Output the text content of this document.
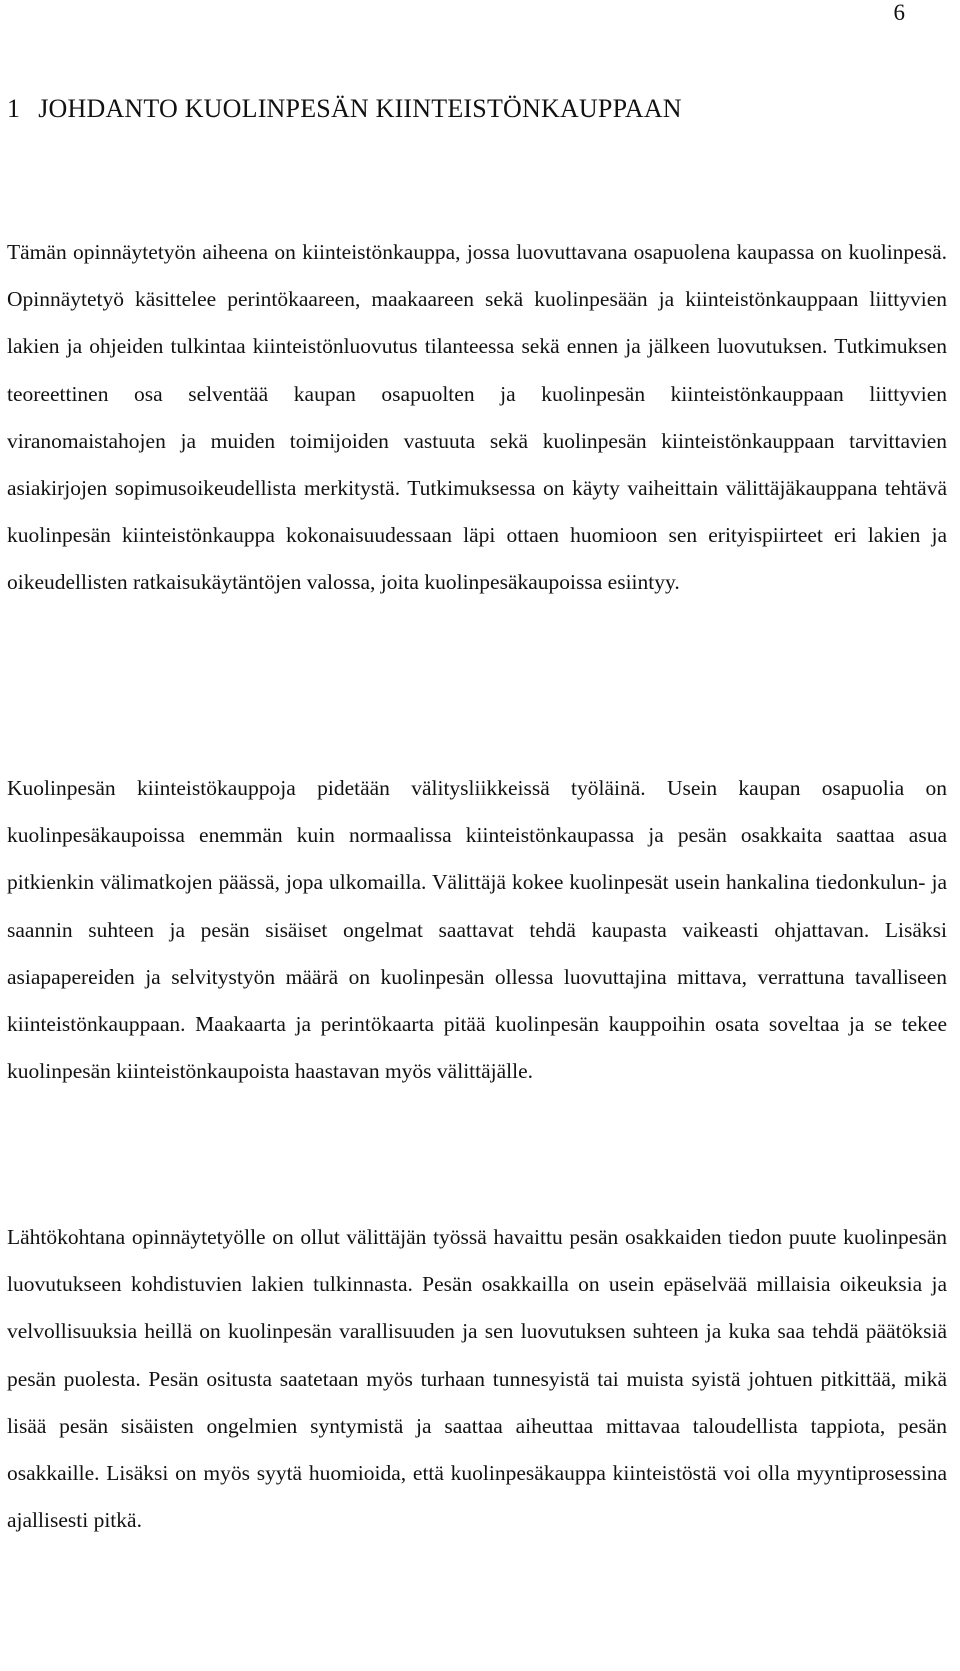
6
1 JOHDANTO KUOLINPESÄN KIINTEISTÖNKAUPPAAN

Tämän opinnäytetyön aiheena on kiinteistönkauppa, jossa luovuttavana osapuolena kaupassa on kuolinpesä. Opinnäytetyö käsittelee perintökaareen, maakaareen sekä kuolinpesään ja kiinteistönkauppaan liittyvien lakien ja ohjeiden tulkintaa kiinteistönluovutus tilanteessa sekä ennen ja jälkeen luovutuksen. Tutkimuksen teoreettinen osa selventää kaupan osapuolten ja kuolinpesän kiinteistönkauppaan liittyvien viranomaistahojen ja muiden toimijoiden vastuuta sekä kuolinpesän kiinteistönkauppaan tarvittavien asiakirjojen sopimusoikeudellista merkitystä. Tutkimuksessa on käyty vaiheittain välittäjäkauppana tehtävä kuolinpesän kiinteistönkauppa kokonaisuudessaan läpi ottaen huomioon sen erityispiirteet eri lakien ja oikeudellisten ratkaisukäytäntöjen valossa, joita kuolinpesäkaupoissa esiintyy.

Kuolinpesän kiinteistökauppoja pidetään välitysliikkeissä työläinä. Usein kaupan osapuolia on kuolinpesäkaupoissa enemmän kuin normaalissa kiinteistönkaupassa ja pesän osakkaita saattaa asua pitkienkin välimatkojen päässä, jopa ulkomailla. Välittäjä kokee kuolinpesät usein hankalina tiedonkulun- ja saannin suhteen ja pesän sisäiset ongelmat saattavat tehdä kaupasta vaikeasti ohjattavan. Lisäksi asiapapereiden ja selvitystyön määrä on kuolinpesän ollessa luovuttajina mittava, verrattuna tavalliseen kiinteistönkauppaan. Maakaarta ja perintökaarta pitää kuolinpesän kauppoihin osata soveltaa ja se tekee kuolinpesän kiinteistönkaupoista haastavan myös välittäjälle.

Lähtökohtana opinnäytetyölle on ollut välittäjän työssä havaittu pesän osakkaiden tiedon puute kuolinpesän luovutukseen kohdistuvien lakien tulkinnasta. Pesän osakkailla on usein epäselvää millaisia oikeuksia ja velvollisuuksia heillä on kuolinpesän varallisuuden ja sen luovutuksen suhteen ja kuka saa tehdä päätöksiä pesän puolesta. Pesän ositusta saatetaan myös turhaan tunnesyistä tai muista syistä johtuen pitkittää, mikä lisää pesän sisäisten ongelmien syntymistä ja saattaa aiheuttaa mittavaa taloudellista tappiota, pesän osakkaille. Lisäksi on myös syytä huomioida, että kuolinpesäkauppa kiinteistöstä voi olla myyntiprosessina ajallisesti pitkä.
